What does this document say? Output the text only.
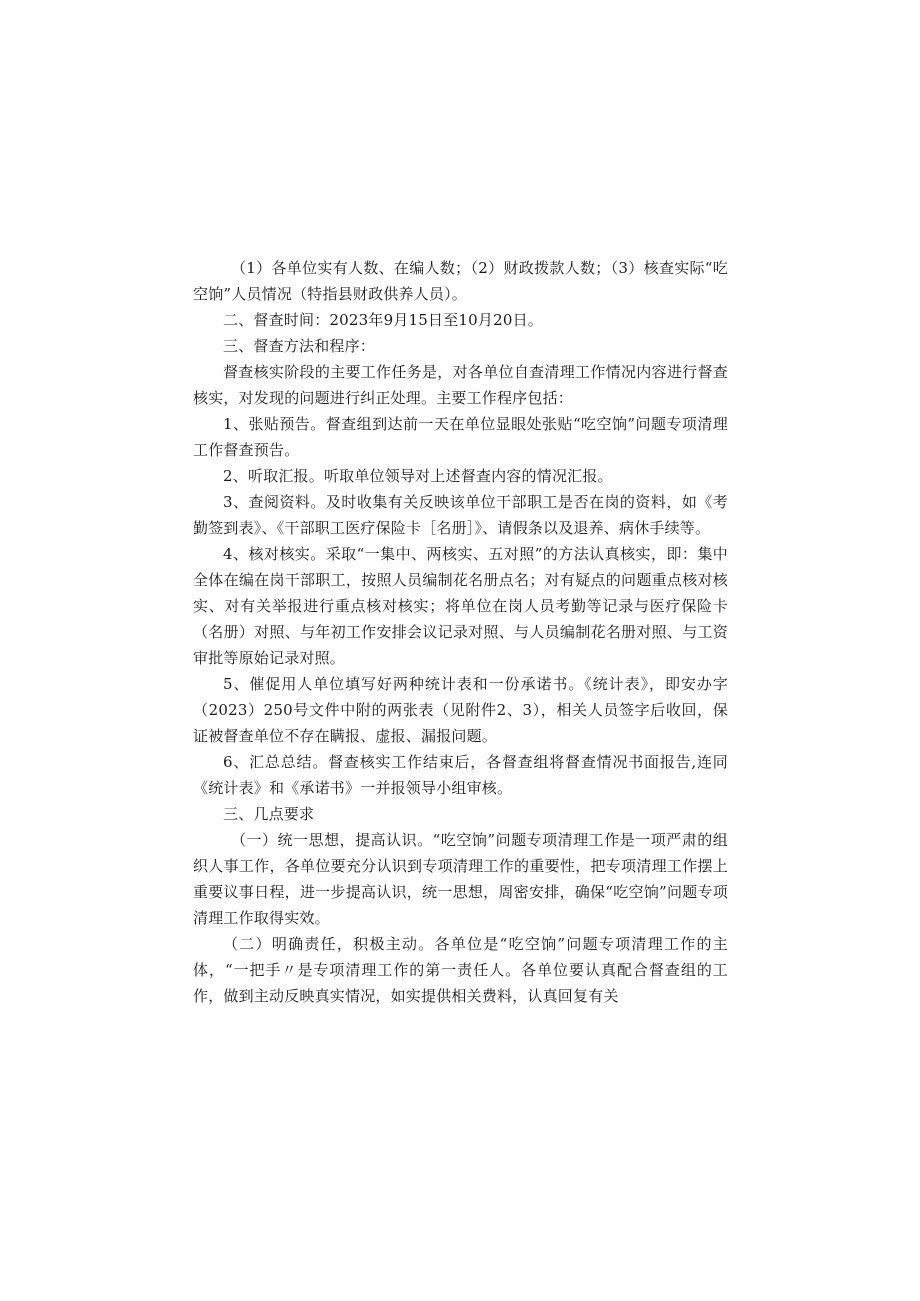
（1）各单位实有人数、在编人数；（2）财政拨款人数；（3）核查实际“吃空饷”人员情况（特指县财政供养人员）。

二、督查时间：2023年9月15日至10月20日。

三、督查方法和程序：

督查核实阶段的主要工作任务是，对各单位自查清理工作情况内容进行督查核实，对发现的问题进行纠正处理。主要工作程序包括：

1、张贴预告。督查组到达前一天在单位显眼处张贴“吃空饷”问题专项清理工作督查预告。

2、听取汇报。听取单位领导对上述督查内容的情况汇报。

3、查阅资料。及时收集有关反映该单位干部职工是否在岗的资料，如《考勤签到表》、《干部职工医疗保险卡［名册］》、请假条以及退养、病休手续等。

4、核对核实。采取“一集中、两核实、五对照”的方法认真核实，即：集中全体在编在岗干部职工，按照人员编制花名册点名；对有疑点的问题重点核对核实、对有关举报进行重点核对核实；将单位在岗人员考勤等记录与医疗保险卡（名册）对照、与年初工作安排会议记录对照、与人员编制花名册对照、与工资审批等原始记录对照。

5、催促用人单位填写好两种统计表和一份承诺书。《统计表》，即安办字（2023）250号文件中附的两张表（见附件2、3），相关人员签字后收回，保证被督查单位不存在瞒报、虚报、漏报问题。

6、汇总总结。督查核实工作结束后，各督查组将督查情况书面报告,连同《统计表》和《承诺书》一并报领导小组审核。

三、几点要求

（一）统一思想，提高认识。“吃空饷”问题专项清理工作是一项严肃的组织人事工作，各单位要充分认识到专项清理工作的重要性，把专项清理工作摆上重要议事日程，进一步提高认识，统一思想，周密安排，确保“吃空饷”问题专项清理工作取得实效。

（二）明确责任，积极主动。各单位是“吃空饷”问题专项清理工作的主体，“一把手〃是专项清理工作的第一责任人。各单位要认真配合督查组的工作，做到主动反映真实情况，如实提供相关费料，认真回复有关
